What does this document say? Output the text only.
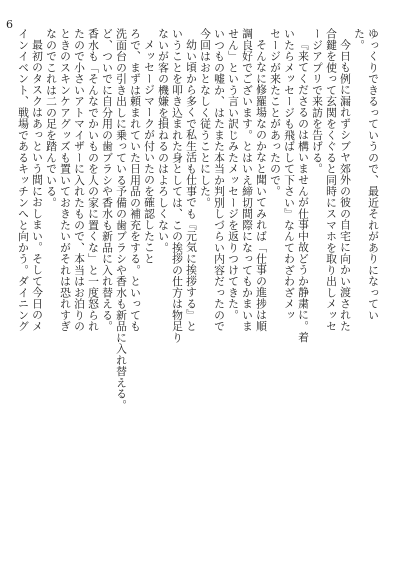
6

ゆっくりできるっていうので、最近それがありになってい

た。

今日も例に漏れずシブヤ郊外の彼の自宅に向かい渡された

合鍵を使って玄関をくぐると同時にスマホを取り出しメッセ

ージアプリで来訪を告げる。

『来てくださるのは構いませんが仕事中故どうか静粛に。着

いたらメッセージも飛ばして下さい』なんてわざわざメッ

セージが来たことがあったので。

そんなに修羅場なのかなと聞いてみれば「仕事の進捗は順

調良好でございます。とはいえ締切間際になってもかまいま

せん」という言い訳じみたメッセージを返りつけてきた。

いつもの嘘か、はたまた本当か判別しづらい内容だったので

今回はおとなしく従うことにした。

幼い頃から多くで私生活も仕事でも『元気に挨拶する』と

いうことを叩き込まれた身としては、この挨拶の仕方は物足り

ないが客の機嫌を損ねるのはよろしくない。

メッセージマークが付いたのを確認したこと

ろで、まずは頼まれていた日用品の補充をする。といっても

洗面台の引き出しに乗っている予備の歯ブラシや香水も新品に入れ替える。

ど、ついでに自分用の歯ブラシや香水も新品に入れ替える。

香水も「そんなでかいものを人の家に置くな」と一度怒られ

たので小さいアトマイザーに入れたもので、本当はお泊りの

ときのスキンケアグッズも置いておきたいがそれは恐れすぎ

なのでこれは二の足を踏んでいる。

最初のタスクはあっという間におしまい。そして今日のメ

インイベント、戦場であるキッチンへと向かう。ダイニング
